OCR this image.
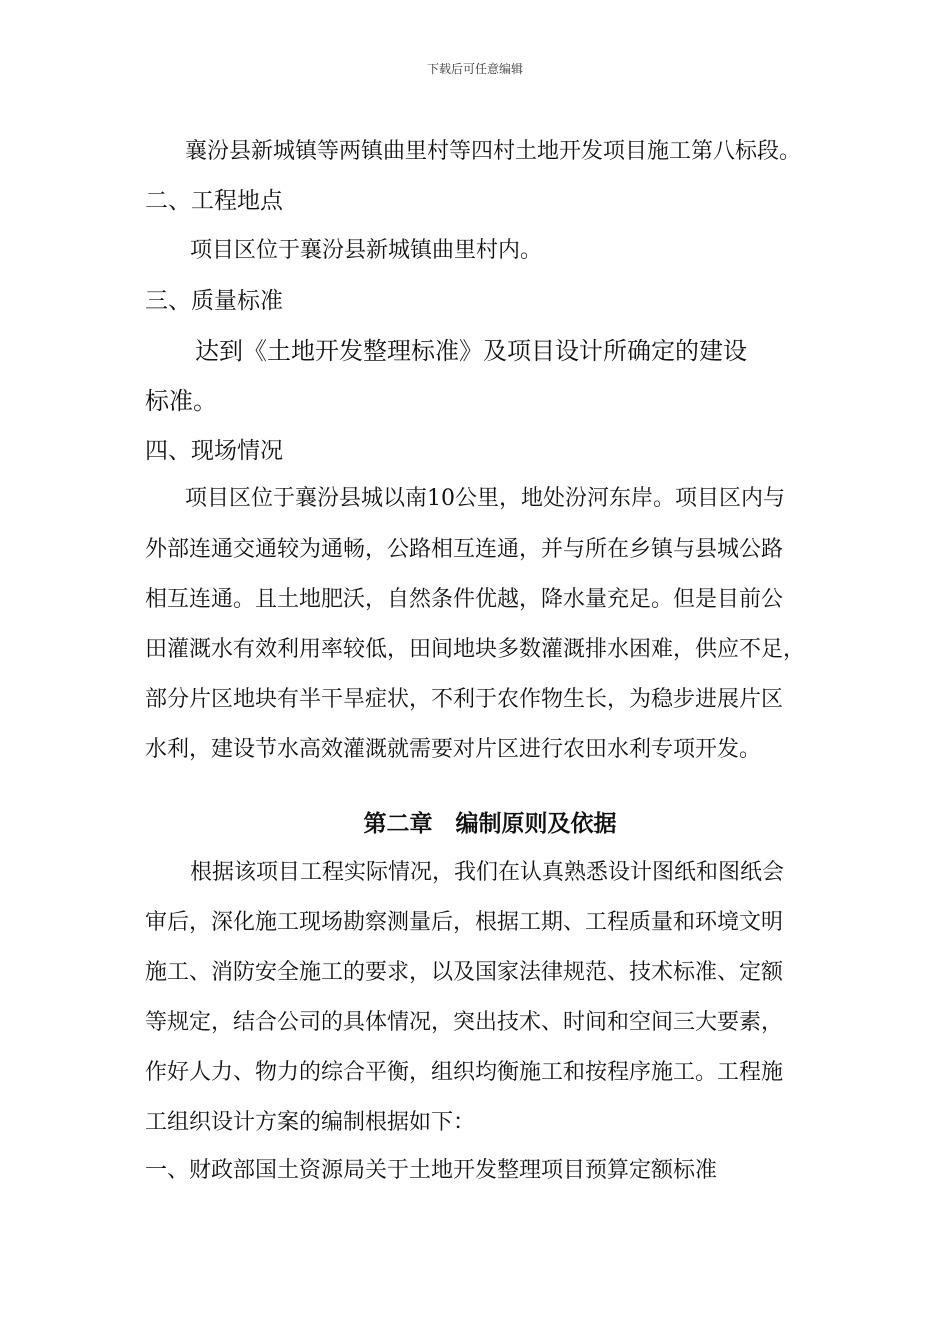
下载后可任意编辑
襄汾县新城镇等两镇曲里村等四村土地开发项目施工第八标段。
二、工程地点
项目区位于襄汾县新城镇曲里村内。
三、质量标准
达到《土地开发整理标准》及项目设计所确定的建设
标准。
四、现场情况
项目区位于襄汾县城以南10公里，地处汾河东岸。项目区内与
外部连通交通较为通畅，公路相互连通，并与所在乡镇与县城公路
相互连通。且土地肥沃，自然条件优越，降水量充足。但是目前公
田灌溉水有效利用率较低，田间地块多数灌溉排水困难，供应不足，
部分片区地块有半干旱症状，不利于农作物生长，为稳步进展片区
水利，建设节水高效灌溉就需要对片区进行农田水利专项开发。
第二章　编制原则及依据
根据该项目工程实际情况，我们在认真熟悉设计图纸和图纸会
审后，深化施工现场勘察测量后，根据工期、工程质量和环境文明
施工、消防安全施工的要求，以及国家法律规范、技术标准、定额
等规定，结合公司的具体情况，突出技术、时间和空间三大要素，
作好人力、物力的综合平衡，组织均衡施工和按程序施工。工程施
工组织设计方案的编制根据如下：
一、财政部国土资源局关于土地开发整理项目预算定额标准
